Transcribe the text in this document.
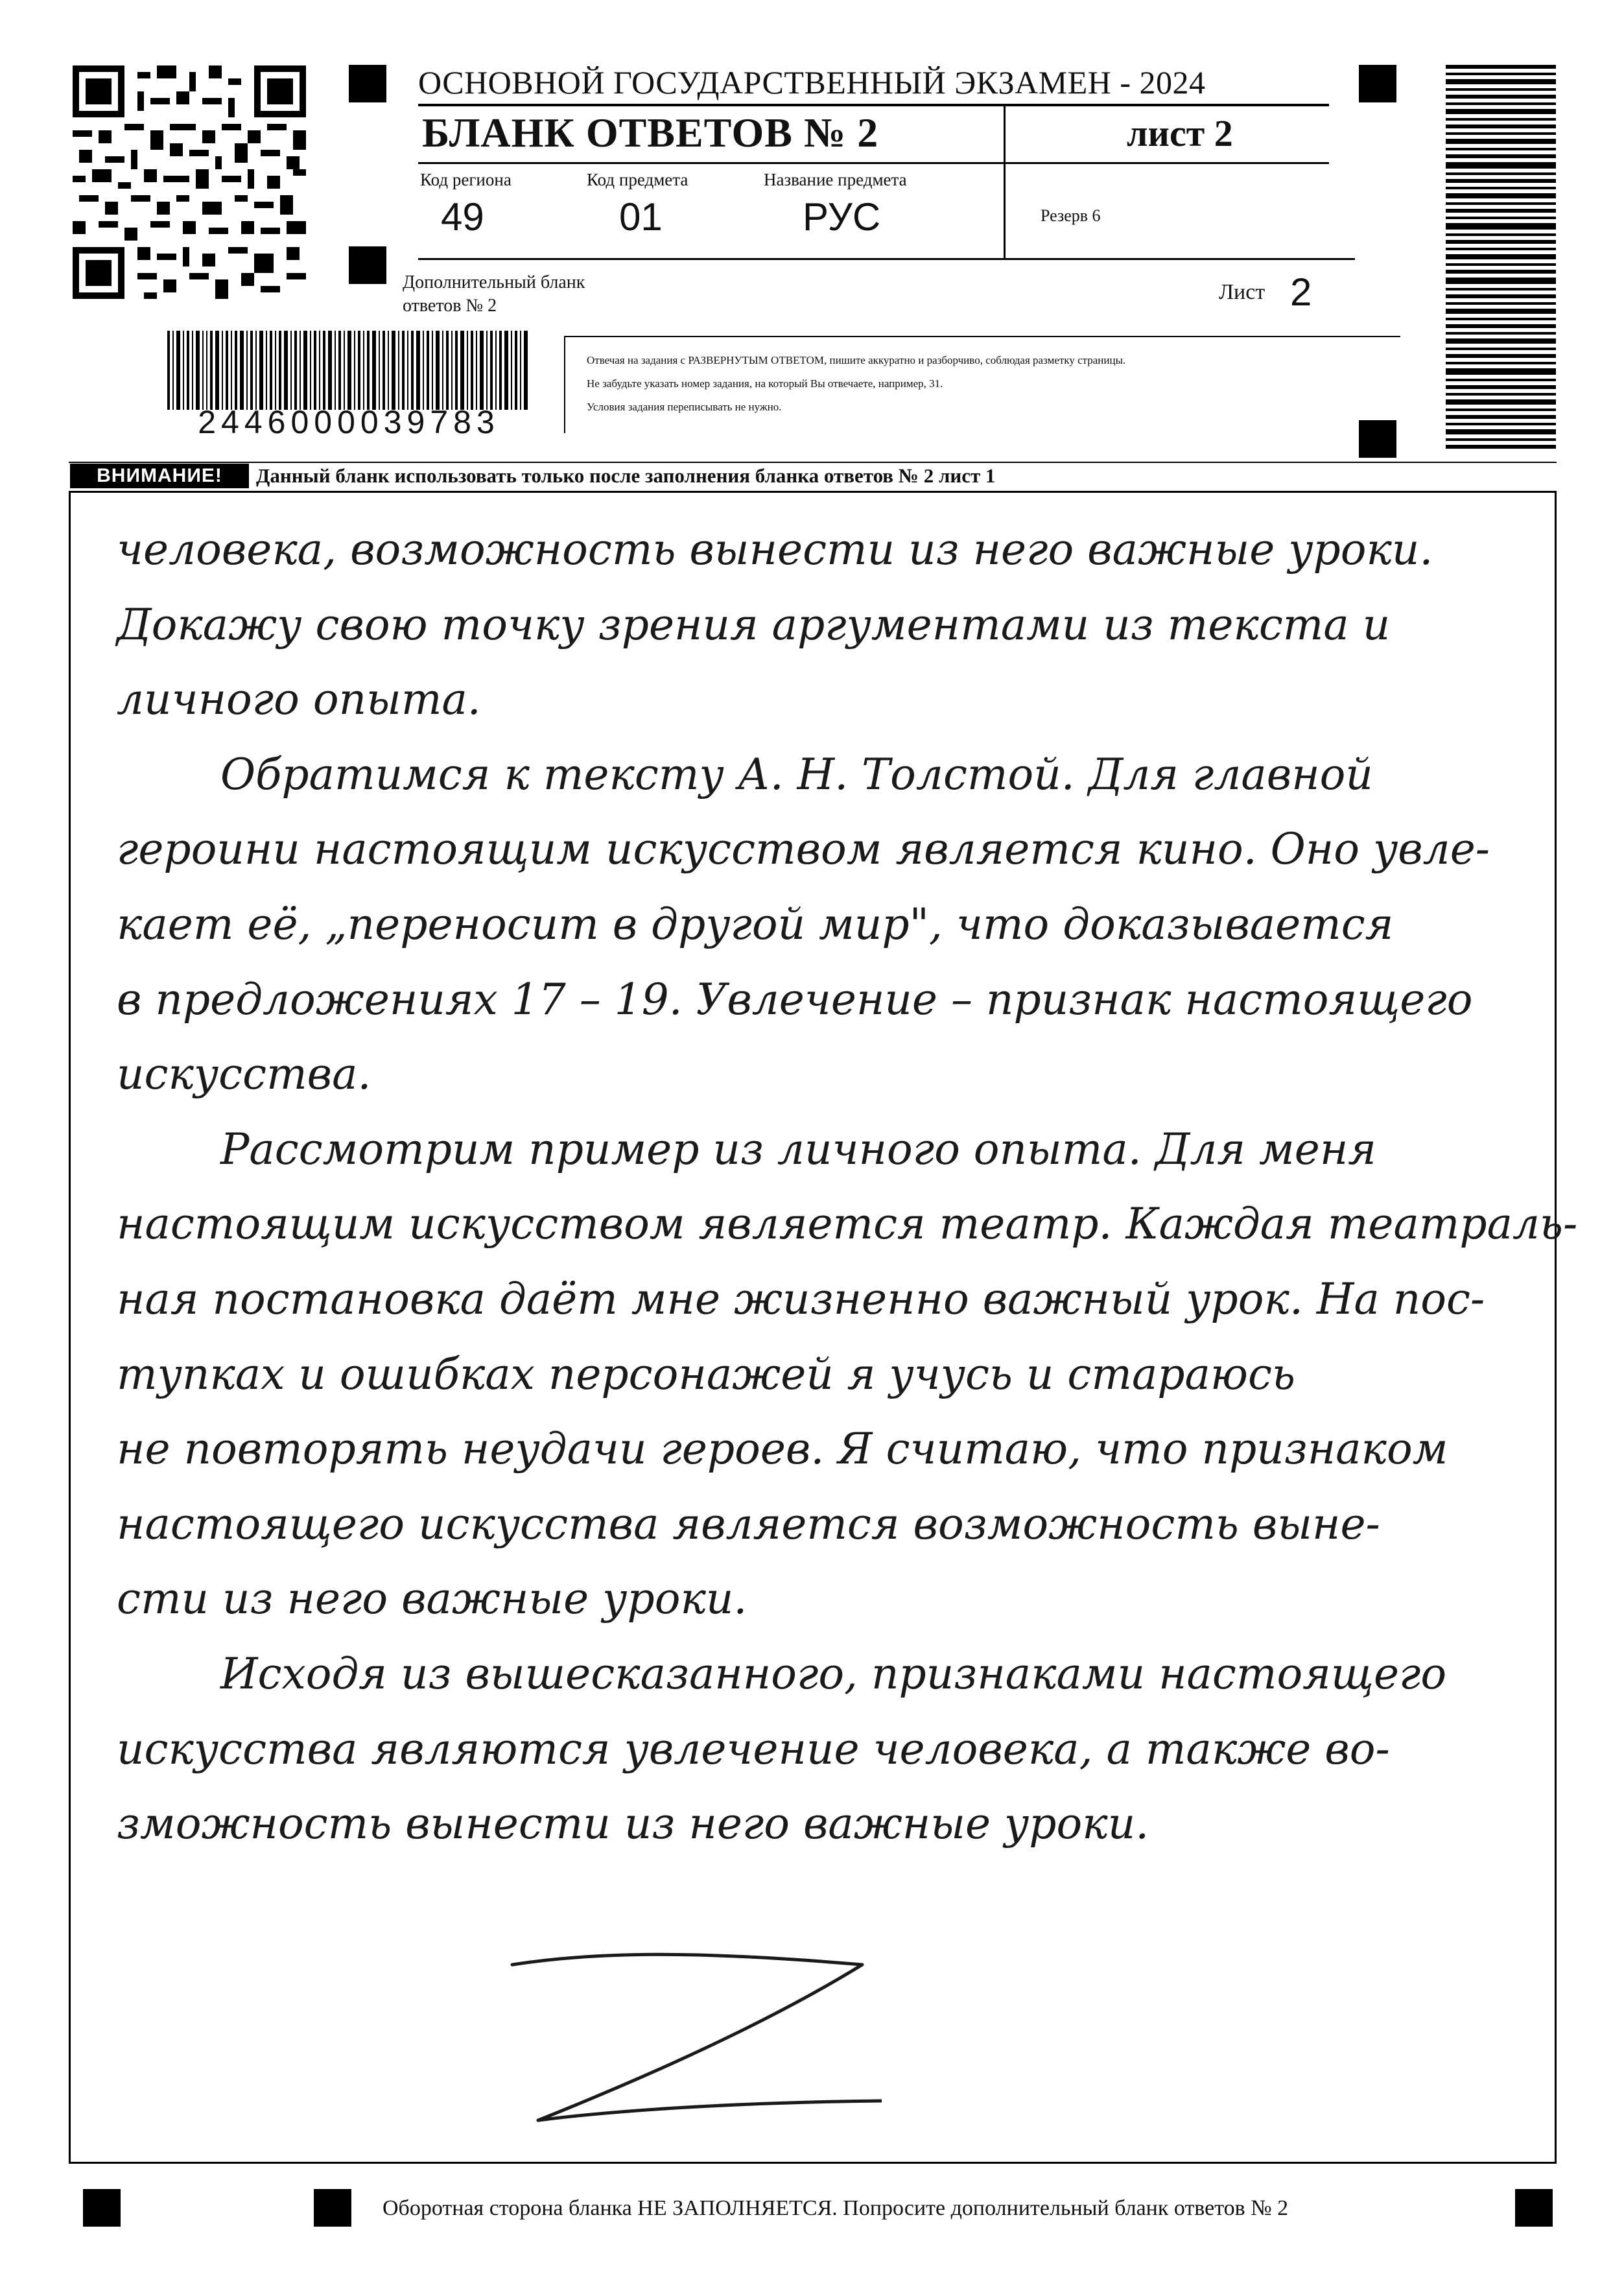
ОСНОВНОЙ ГОСУДАРСТВЕННЫЙ ЭКЗАМЕН - 2024
БЛАНК ОТВЕТОВ № 2	лист 2
Код региона
49
Код предмета
01
Название предмета
РУС	Резерв 6
Дополнительный бланк ответов № 2
Лист 2
Отвечая на задания с РАЗВЕРНУТЫМ ОТВЕТОМ, пишите аккуратно и разборчиво, соблюдая разметку страницы.
Не забудьте указать номер задания, на который Вы отвечаете, например, 31.
Условия задания переписывать не нужно.
2446000039783
ВНИМАНИЕ!	Данный бланк использовать только после заполнения бланка ответов № 2 лист 1
человека, возможность вынести из него важные уроки.
Докажу свою точку зрения аргументами из текста и
личного опыта.
Обратимся к тексту А. Н. Толстой. Для главной
героини настоящим искусством является кино. Оно увле-
кает её, „переносит в другой мир", что доказывается
в предложениях 17 – 19. Увлечение – признак настоящего
искусства.
Рассмотрим пример из личного опыта. Для меня
настоящим искусством является театр. Каждая театраль-
ная постановка даёт мне жизненно важный урок. На пос-
тупках и ошибках персонажей я учусь и стараюсь
не повторять неудачи героев. Я считаю, что признаком
настоящего искусства является возможность выне-
сти из него важные уроки.
Исходя из вышесказанного, признаками настоящего
искусства являются увлечение человека, а также во-
зможность вынести из него важные уроки.
Оборотная сторона бланка НЕ ЗАПОЛНЯЕТСЯ. Попросите дополнительный бланк ответов № 2
